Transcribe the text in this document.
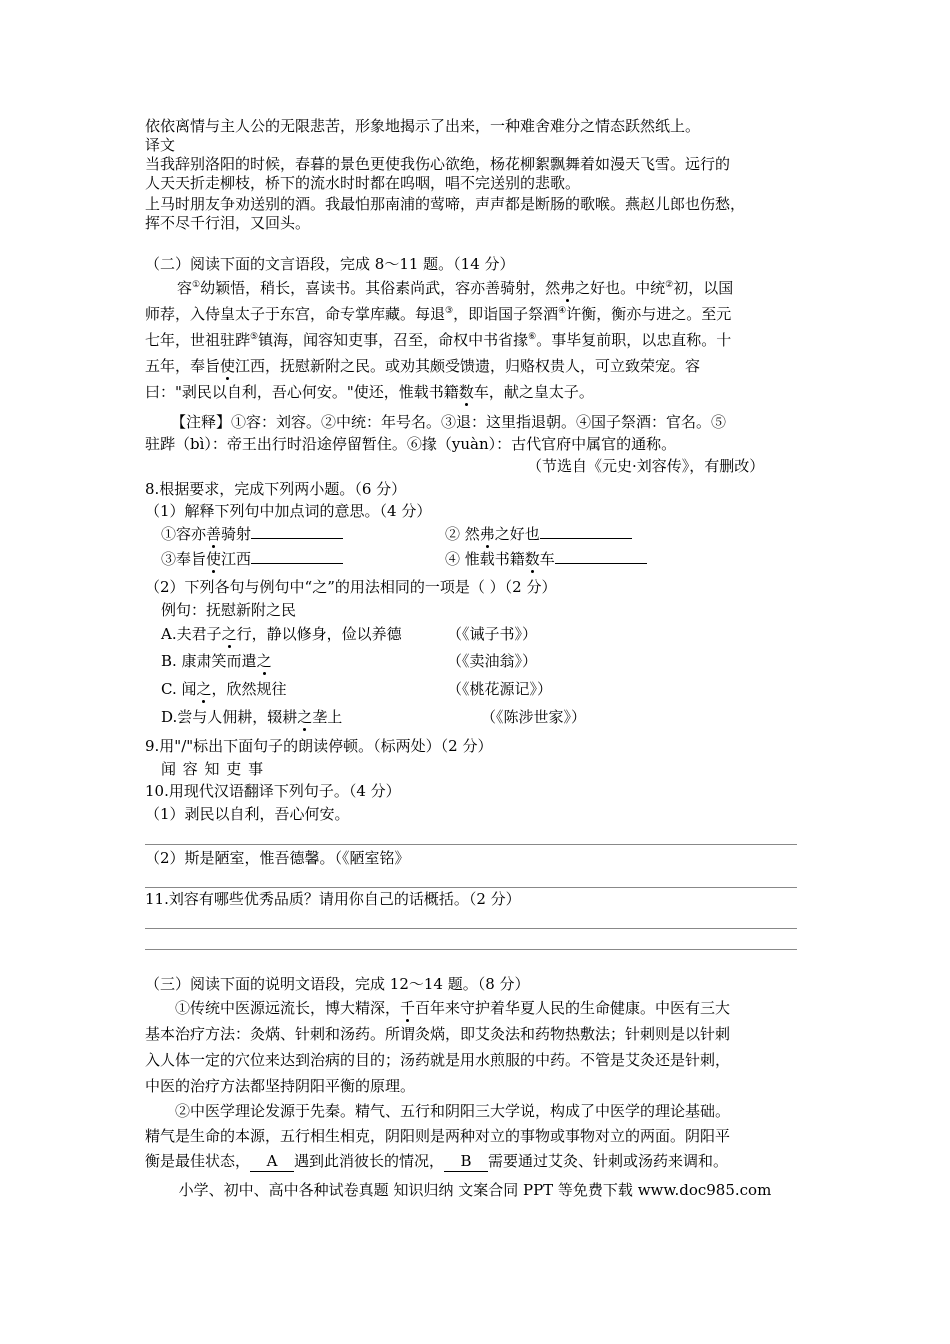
依依离情与主人公的无限悲苦，形象地揭示了出来，一种难舍难分之情态跃然纸上。
译文
当我辞别洛阳的时候，春暮的景色更使我伤心欲绝，杨花柳絮飘舞着如漫天飞雪。远行的
人天天折走柳枝，桥下的流水时时都在呜咽，唱不完送别的悲歌。
上马时朋友争劝送别的酒。我最怕那南浦的莺啼，声声都是断肠的歌喉。燕赵儿郎也伤愁，
挥不尽千行泪，又回头。
（二）阅读下面的文言语段，完成 8～11 题。（14 分）
容①幼颖悟，稍长，喜读书。其俗素尚武，容亦善骑射，然弗之好也。中统②初，以国
师荐，入侍皇太子于东宫，命专掌库藏。每退③，即诣国子祭酒④许衡，衡亦与进之。至元
七年，世祖驻跸⑤镇海，闻容知吏事，召至，命权中书省掾⑥。事毕复前职，以忠直称。十
五年，奉旨使江西，抚慰新附之民。或劝其颇受馈遗，归赂权贵人，可立致荣宠。容
曰："剥民以自利，吾心何安。"使还，惟载书籍数车，献之皇太子。
【注释】①容：刘容。②中统：年号名。③退：这里指退朝。④国子祭酒：官名。⑤
驻跸（bì）：帝王出行时沿途停留暂住。⑥掾（yuàn）：古代官府中属官的通称。
（节选自《元史·刘容传》，有删改）
8.根据要求，完成下列两小题。（6 分）
（1）解释下列句中加点词的意思。（4 分）
①容亦善骑射	② 然弗之好也
③奉旨使江西	④ 惟载书籍数车
（2）下列各句与例句中“之”的用法相同的一项是（ ）（2 分）
例句：抚慰新附之民
A.夫君子之行，静以修身，俭以养德	（《诫子书》）
B. 康肃笑而遣之	（《卖油翁》）
C. 闻之，欣然规往	（《桃花源记》）
D.尝与人佣耕，辍耕之垄上	（《陈涉世家》）
9.用"/"标出下面句子的朗读停顿。（标两处）（2 分）
闻 容 知 吏 事
10.用现代汉语翻译下列句子。（4 分）
（1）剥民以自利，吾心何安。
（2）斯是陋室，惟吾德馨。（《陋室铭》
11.刘容有哪些优秀品质？请用你自己的话概括。（2 分）
（三）阅读下面的说明文语段，完成 12～14 题。（8 分）
①传统中医源远流长，博大精深，千百年来守护着华夏人民的生命健康。中医有三大
基本治疗方法：灸焫、针刺和汤药。所谓灸焫，即艾灸法和药物热敷法；针刺则是以针刺
入人体一定的穴位来达到治病的目的；汤药就是用水煎服的中药。不管是艾灸还是针刺，
中医的治疗方法都坚持阴阳平衡的原理。
②中医学理论发源于先秦。精气、五行和阴阳三大学说，构成了中医学的理论基础。
精气是生命的本源，五行相生相克，阴阳则是两种对立的事物或事物对立的两面。阴阳平
衡是最佳状态， A 遇到此消彼长的情况， B 需要通过艾灸、针刺或汤药来调和。
小学、初中、高中各种试卷真题 知识归纳 文案合同 PPT 等免费下载 www.doc985.com
